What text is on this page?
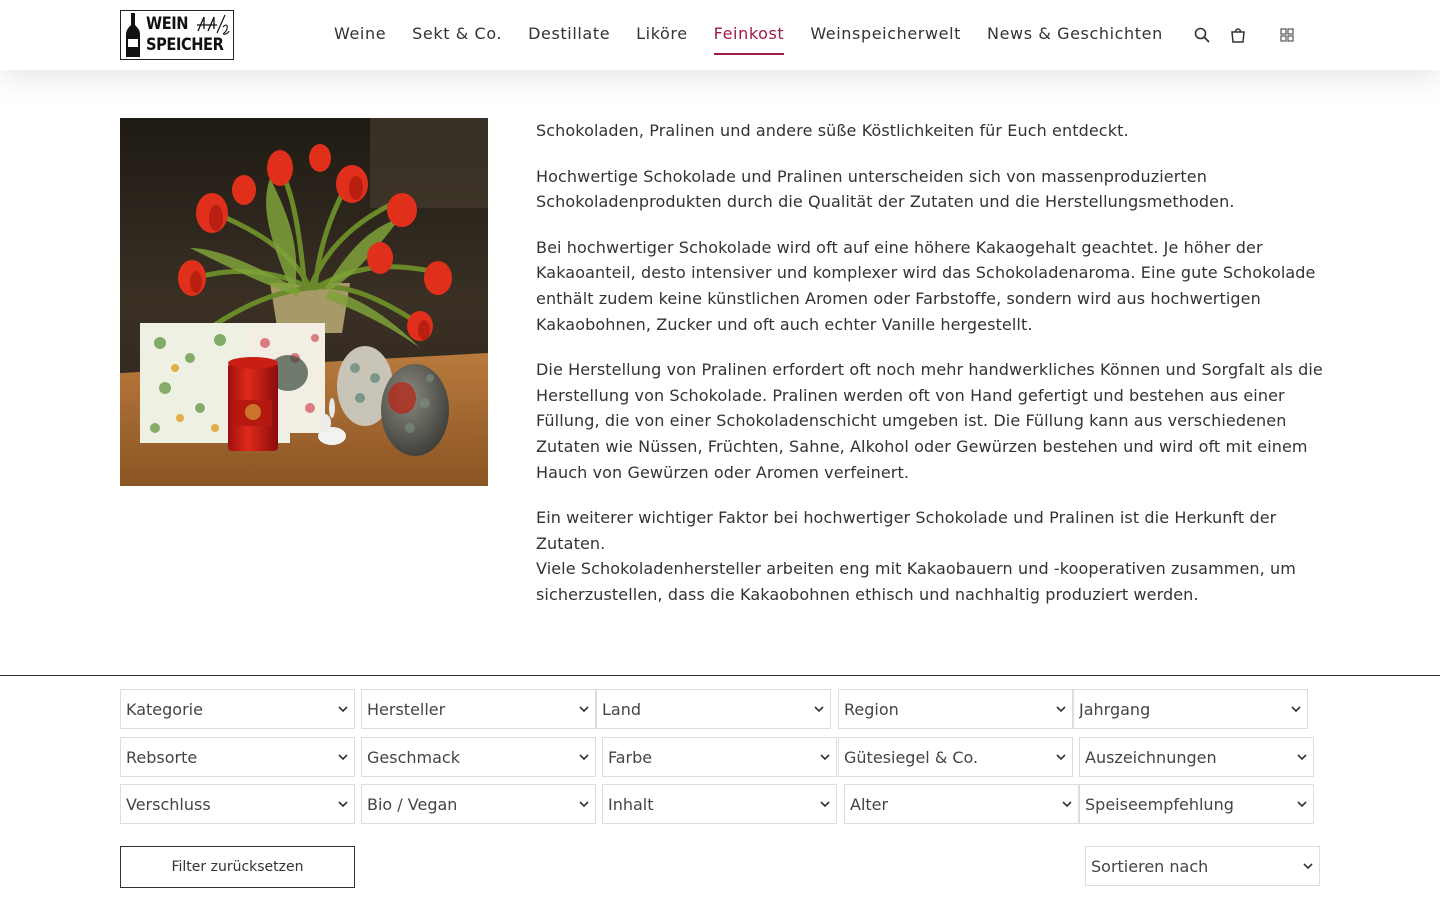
WEIN
SPEICHER
Weine Sekt & Co. Destillate Liköre Feinkost Weinspeicherwelt News & Geschichten

Schokoladen, Pralinen und andere süße Köstlichkeiten für Euch entdeckt.

Hochwertige Schokolade und Pralinen unterscheiden sich von massenproduzierten Schokoladenprodukten durch die Qualität der Zutaten und die Herstellungsmethoden.

Bei hochwertiger Schokolade wird oft auf eine höhere Kakaogehalt geachtet. Je höher der Kakaoanteil, desto intensiver und komplexer wird das Schokoladenaroma. Eine gute Schokolade enthält zudem keine künstlichen Aromen oder Farbstoffe, sondern wird aus hochwertigen Kakaobohnen, Zucker und oft auch echter Vanille hergestellt.

Die Herstellung von Pralinen erfordert oft noch mehr handwerkliches Können und Sorgfalt als die Herstellung von Schokolade. Pralinen werden oft von Hand gefertigt und bestehen aus einer Füllung, die von einer Schokoladenschicht umgeben ist. Die Füllung kann aus verschiedenen Zutaten wie Nüssen, Früchten, Sahne, Alkohol oder Gewürzen bestehen und wird oft mit einem Hauch von Gewürzen oder Aromen verfeinert.

Ein weiterer wichtiger Faktor bei hochwertiger Schokolade und Pralinen ist die Herkunft der Zutaten.
Viele Schokoladenhersteller arbeiten eng mit Kakaobauern und -kooperativen zusammen, um sicherzustellen, dass die Kakaobohnen ethisch und nachhaltig produziert werden.

Kategorie	Hersteller	Land	Region	Jahrgang
Rebsorte	Geschmack	Farbe	Gütesiegel & Co.	Auszeichnungen
Verschluss	Bio / Vegan	Inhalt	Alter	Speiseempfehlung
Filter zurücksetzen	Sortieren nach
